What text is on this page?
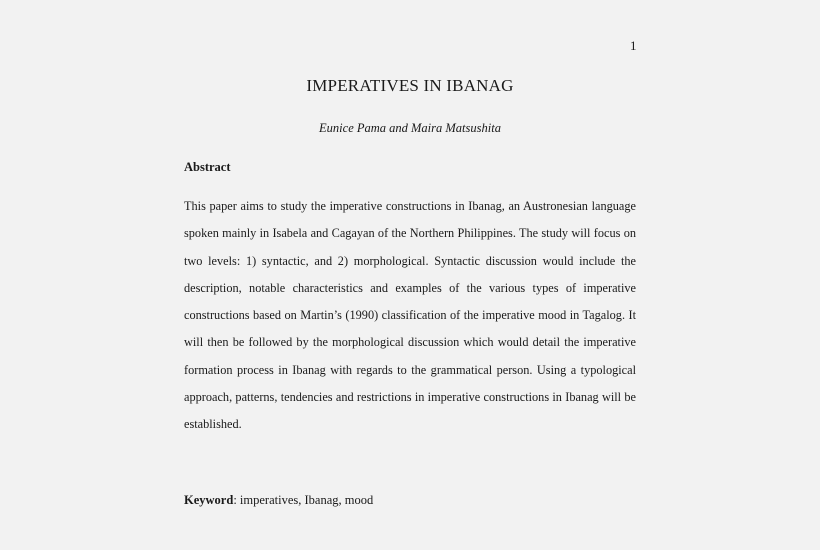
1
IMPERATIVES IN IBANAG
Eunice Pama and Maira Matsushita
Abstract

This paper aims to study the imperative constructions in Ibanag, an Austronesian language spoken mainly in Isabela and Cagayan of the Northern Philippines. The study will focus on two levels: 1) syntactic, and 2) morphological. Syntactic discussion would include the description, notable characteristics and examples of the various types of imperative constructions based on Martin’s (1990) classification of the imperative mood in Tagalog. It will then be followed by the morphological discussion which would detail the imperative formation process in Ibanag with regards to the grammatical person. Using a typological approach, patterns, tendencies and restrictions in imperative constructions in Ibanag will be established.

Keyword: imperatives, Ibanag, mood
